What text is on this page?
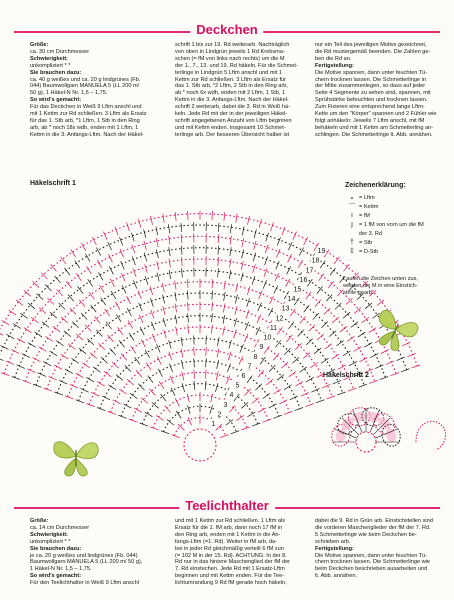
Deckchen

Größe:

ca. 30 cm Durchmesser

Schwierigkeit:

unkompliziert * *

Sie brauchen dazu:

ca. 40 g weißes und ca. 20 g lindgrünes (Fb.

044) Baumwollgarn MANUELA 5 (LL 200 m/

50 g), 1 Häkel-N Nr. 1,5 – 1,75.

So wird's gemacht:

Für das Deckchen in Weiß 9 Lftm anschl und

mit 1 Kettm zur Rd schließen. 3 Lftm als Ersatz

für das 1. Stb arb, *1 Lftm, 1 Stb in den Ring

arb, ab * noch 18x wdh, enden mit 1 Lftm, 1

Kettm in die 3. Anfangs-Lftm. Nach der Häkel-

schrift 1 bis zur 19. Rd weiterarb. Nachträglich

von oben in Lindgrün jeweils 1 Rd Krebsma-

schen (= fM von links nach rechts) um die M

der 1., 7., 13. und 19. Rd häkeln. Für die Schmet-

terlinge in Lindgrün 5 Lftm anschl und mit 1

Kettm zur Rd schließen. 3 Lftm als Ersatz für

das 1. Stb arb, *2 Lftm, 2 Stb in den Ring arb,

ab * noch 6x wdh, enden mit 2 Lftm, 1 Stb, 1

Kettm in die 3. Anfangs-Lftm. Nach der Häkel-

schrift 2 weiterarb, dabei die 3. Rd in Weiß hä-

keln. Jede Rd mit der in der jeweiligen Häkel-

schrift angegebenen Anzahl von Lftm beginnen

und mit Kettm enden. Insgesamt 10 Schmet-

terlinge arb. Der besseren Übersicht halber ist

nur ein Teil des jeweiligen Motivs gezeichnet,

die Rd mustergemäß beenden. Die Zahlen ge-

ben die Rd an.

Fertigstellung:

Die Motive spannen, dann unter feuchten Tü-

chern trocknen lassen. Die Schmetterlinge in

der Mitte zusammenlegen, so dass auf jeder

Seite 4 Segmente zu sehen sind, spannen, mit

Sprühstärke befeuchten und trocknen lassen.

Zum Fixieren eine entsprechend lange Lftm-

Kette um den "Körper" spannen und 2 Fühler wie

folgt anhäkeln: Jeweils 7 Lftm anschl, mit fM

behäkeln und mit 1 Kettm am Schmetterling an-

schlingen. Die Schmetterlinge lt. Abb. annähen.

Häkelschrift 1
1
2
3
4
5
6
7
8
9
10
11
12
13
14
15
16
17
18
19
Zeichenerklärung:
∘ = Lftm
⌒ = Kettm
ı	= fM
ȷ	= 1 fM von vorn um die fM
der 3. Rd
† = Stb
‡ = D-Stb
Laufen die Zeichen unten zus,
werden die M in eine Einstich-
stelle gearb.
Häkelschrift 2
Teelichthalter

Größe:

ca. 14 cm Durchmesser

Schwierigkeit:

unkompliziert * *

Sie brauchen dazu:

je ca. 20 g weißes und lindgrünes (Fb. 044)

Baumwollgarn MANUELA 5 (LL 200 m/ 50 g),

1 Häkel-N Nr. 1,5 – 1,75.

So wird's gemacht:

Für den Teelichthalter in Weiß 9 Lftm anschl

und mit 1 Kettm zur Rd schließen. 1 Lftm als

Ersatz für die 1. fM arb, dann noch 17 fM in

den Ring arb, enden mit 1 Kettm in die An-

fangs-Lftm (=1. Rd). Weiter in fM arb, da-

bei in jeder Rd gleichmäßig verteilt 6 fM zun

(= 102 M in der 15. Rd). ACHTUNG: In der 8.

Rd nur in das hintere Maschenglied der fM der

7. Rd einstechen. Jede Rd mit 1 Ersatz-Lftm

beginnen und mit Kettm enden. Für die Tee-

lichtumrandung 9 Rd fM gerade hoch häkeln,

dabei die 9. Rd in Grün arb. Einstichstellen sind

die vorderen Maschenglieder der fM der 7. Rd.

5 Schmetterlinge wie beim Deckchen be-

schrieben arb.

Fertigstellung:

Die Motive spannen, dann unter feuchten Tü-

chern trocknen lassen. Die Schmetterlinge wie

beim Deckchen beschrieben ausarbeiten und

lt. Abb. annähen.
